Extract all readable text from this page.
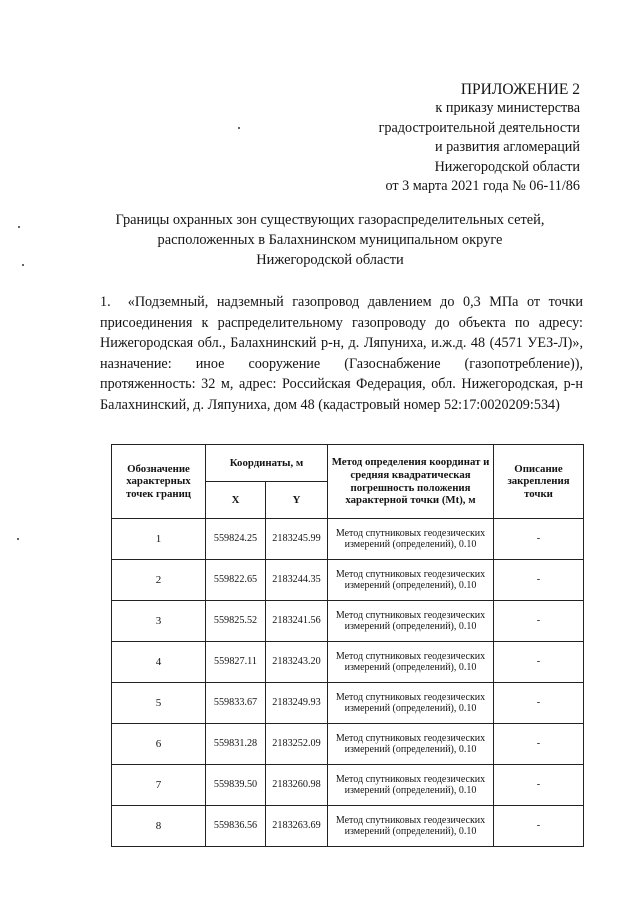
ПРИЛОЖЕНИЕ 2
к приказу министерства
градостроительной деятельности
и развития агломераций
Нижегородской области
от 3 марта 2021 года № 06-11/86
Границы охранных зон существующих газораспределительных сетей,
расположенных в Балахнинском муниципальном округе
Нижегородской области
1. «Подземный, надземный газопровод давлением до 0,3 МПа от точки присоединения к распределительному газопроводу до объекта по адресу: Нижегородская обл., Балахнинский р-н, д. Ляпуниха, и.ж.д. 48 (4571 УЕЗ-Л)», назначение: иное сооружение (Газоснабжение (газопотребление)), протяженность: 32 м, адрес: Российская Федерация, обл. Нижегородская, р-н Балахнинский, д. Ляпуниха, дом 48 (кадастровый номер 52:17:0020209:534)
Обозначение характерных точек границ	Координаты, м		Метод определения координат и средняя квадратическая погрешность положения характерной точки (Mt), м	Описание закрепления точки
	X	Y		
1	559824.25	2183245.99	Метод спутниковых геодезических измерений (определений), 0.10	-
2	559822.65	2183244.35	Метод спутниковых геодезических измерений (определений), 0.10	-
3	559825.52	2183241.56	Метод спутниковых геодезических измерений (определений), 0.10	-
4	559827.11	2183243.20	Метод спутниковых геодезических измерений (определений), 0.10	-
5	559833.67	2183249.93	Метод спутниковых геодезических измерений (определений), 0.10	-
6	559831.28	2183252.09	Метод спутниковых геодезических измерений (определений), 0.10	-
7	559839.50	2183260.98	Метод спутниковых геодезических измерений (определений), 0.10	-
8	559836.56	2183263.69	Метод спутниковых геодезических измерений (определений), 0.10	-
